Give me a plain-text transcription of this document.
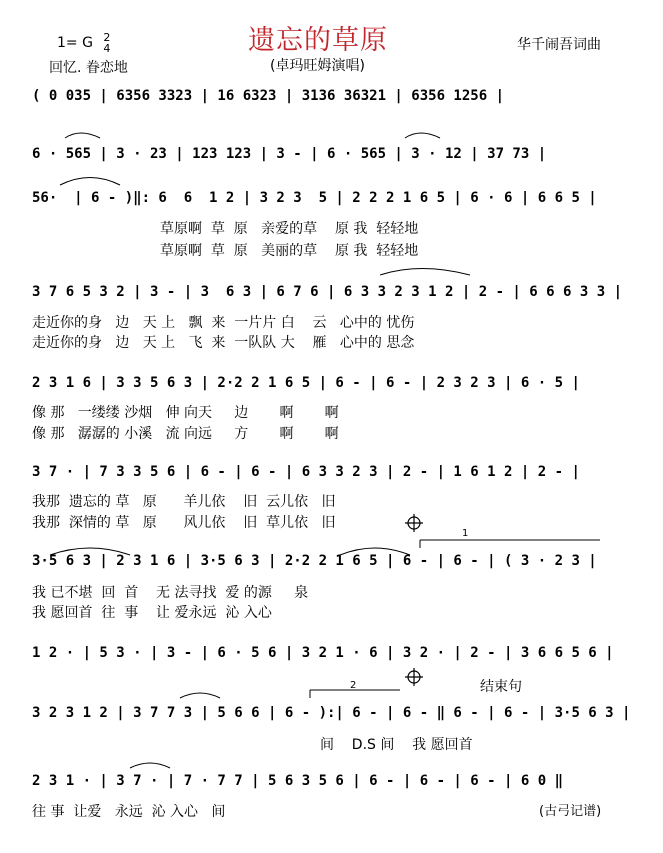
遗忘的草原
1= G 2
4
回忆. 眷恋地	(卓玛旺姆演唱)
华千闹吾词曲
( 0 035 | 6356 3323 | 16 6323 | 3136 36321 | 6356 1256 |
6 · 565 | 3 · 23 | 123 123 | 3 - | 6 · 565 | 3 · 12 | 37 73 |
56·  | 6 - )‖: 6  6  1 2 | 3 2 3  5 | 2 2 2 1 6 5 | 6 · 6 | 6 6 5 |
草原啊  草  原   亲爱的草    原 我  轻轻地
草原啊  草  原   美丽的草    原 我  轻轻地
3 7 6 5 3 2 | 3 - | 3  6 3 | 6 7 6 | 6 3 3 2 3 1 2 | 2 - | 6 6 6 3 3 |
走近你的身   边   天 上   飘  来  一片片 白    云   心中的 忧伤
走近你的身   边   天 上   飞  来  一队队 大    雁   心中的 思念
2 3 1 6 | 3 3 5 6 3 | 2·2 2 1 6 5 | 6 - | 6 - | 2 3 2 3 | 6 · 5 |
像 那   一缕缕 沙烟   伸 向天     边       啊       啊
像 那   潺潺的 小溪   流 向远     方       啊       啊
3 7 · | 7 3 3 5 6 | 6 - | 6 - | 6 3 3 2 3 | 2 - | 1 6 1 2 | 2 - |
我那  遗忘的 草   原      羊儿依    旧  云儿依   旧
我那  深情的 草   原      风儿依    旧  草儿依   旧
3·5 6 3 | 2 3 1 6 | 3·5 6 3 | 2·2 2 1 6 5 | 6 - | 6 - | ( 3 · 2 3 |
我 已不堪  回  首    无 法寻找  爱 的源     泉
我 愿回首  往  事    让 爱永远  沁 入心
1 2 · | 5 3 · | 3 - | 6 · 5 6 | 3 2 1 · 6 | 3 2 · | 2 - | 3 6 6 5 6 |
结束句
3 2 3 1 2 | 3 7 7 3 | 5 6 6 | 6 - ):| 6 - | 6 - ‖ 6 - | 6 - | 3·5 6 3 |
间    D.S 间    我 愿回首
2 3 1 · | 3 7 · | 7 · 7 7 | 5 6 3 5 6 | 6 - | 6 - | 6 - | 6 0 ‖
往 事  让爱   永远  沁 入心   间	(古弓记谱)
1
2
